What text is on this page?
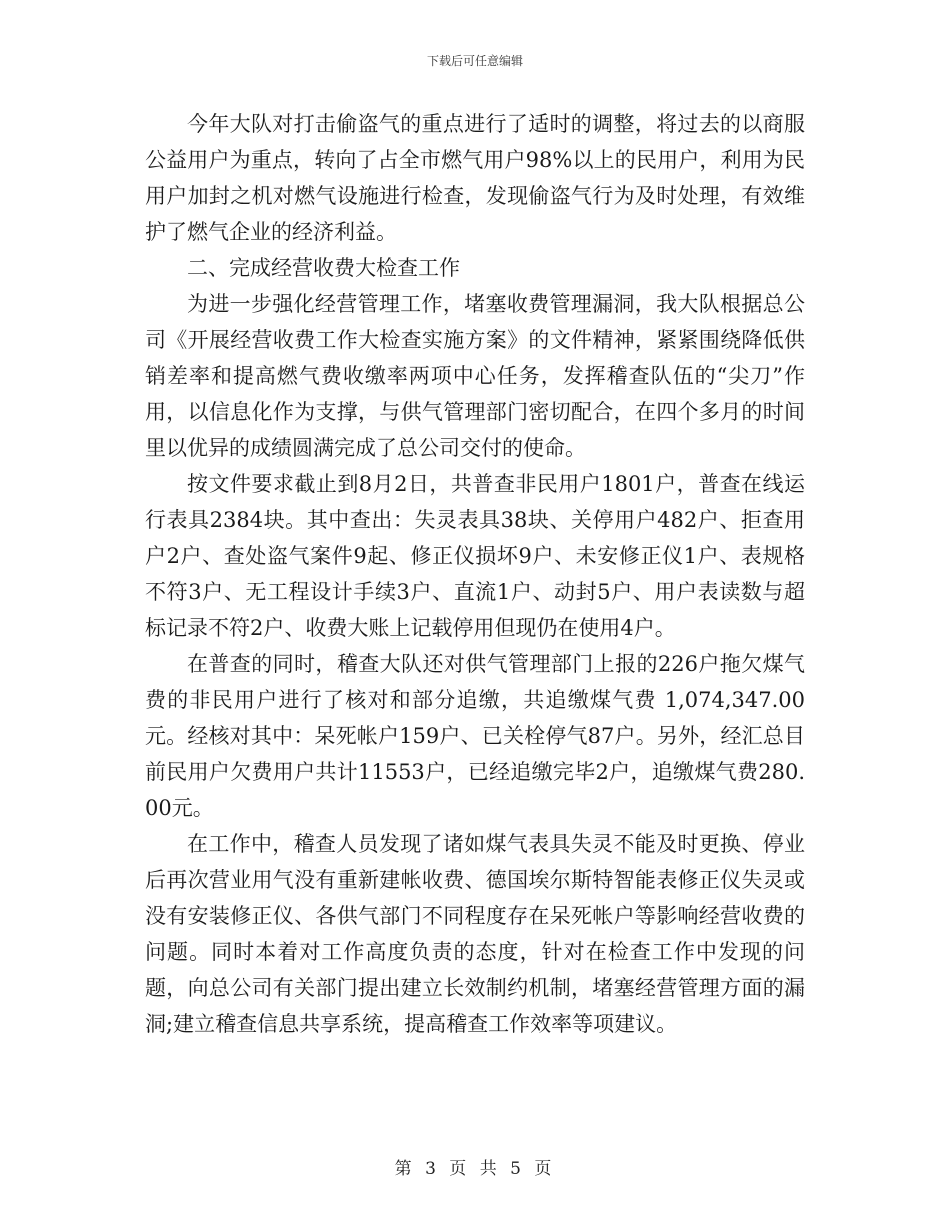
下载后可任意编辑

今年大队对打击偷盗气的重点进行了适时的调整，将过去的以商服公益用户为重点，转向了占全市燃气用户98%以上的民用户，利用为民用户加封之机对燃气设施进行检查，发现偷盗气行为及时处理，有效维护了燃气企业的经济利益。

二、完成经营收费大检查工作

为进一步强化经营管理工作，堵塞收费管理漏洞，我大队根据总公司《开展经营收费工作大检查实施方案》的文件精神，紧紧围绕降低供销差率和提高燃气费收缴率两项中心任务，发挥稽查队伍的“尖刀”作用，以信息化作为支撑，与供气管理部门密切配合，在四个多月的时间里以优异的成绩圆满完成了总公司交付的使命。

按文件要求截止到8月2日，共普查非民用户1801户，普查在线运行表具2384块。其中查出：失灵表具38块、关停用户482户、拒查用户2户、查处盗气案件9起、修正仪损坏9户、未安修正仪1户、表规格不符3户、无工程设计手续3户、直流1户、动封5户、用户表读数与超标记录不符2户、收费大账上记载停用但现仍在使用4户。

在普查的同时，稽查大队还对供气管理部门上报的226户拖欠煤气费的非民用户进行了核对和部分追缴，共追缴煤气费 1,074,347.00元。经核对其中：呆死帐户159户、已关栓停气87户。另外，经汇总目前民用户欠费用户共计11553户，已经追缴完毕2户，追缴煤气费280.00元。

在工作中，稽查人员发现了诸如煤气表具失灵不能及时更换、停业后再次营业用气没有重新建帐收费、德国埃尔斯特智能表修正仪失灵或没有安装修正仪、各供气部门不同程度存在呆死帐户等影响经营收费的问题。同时本着对工作高度负责的态度，针对在检查工作中发现的问题，向总公司有关部门提出建立长效制约机制，堵塞经营管理方面的漏洞;建立稽查信息共享系统，提高稽查工作效率等项建议。

第 3 页 共 5 页
